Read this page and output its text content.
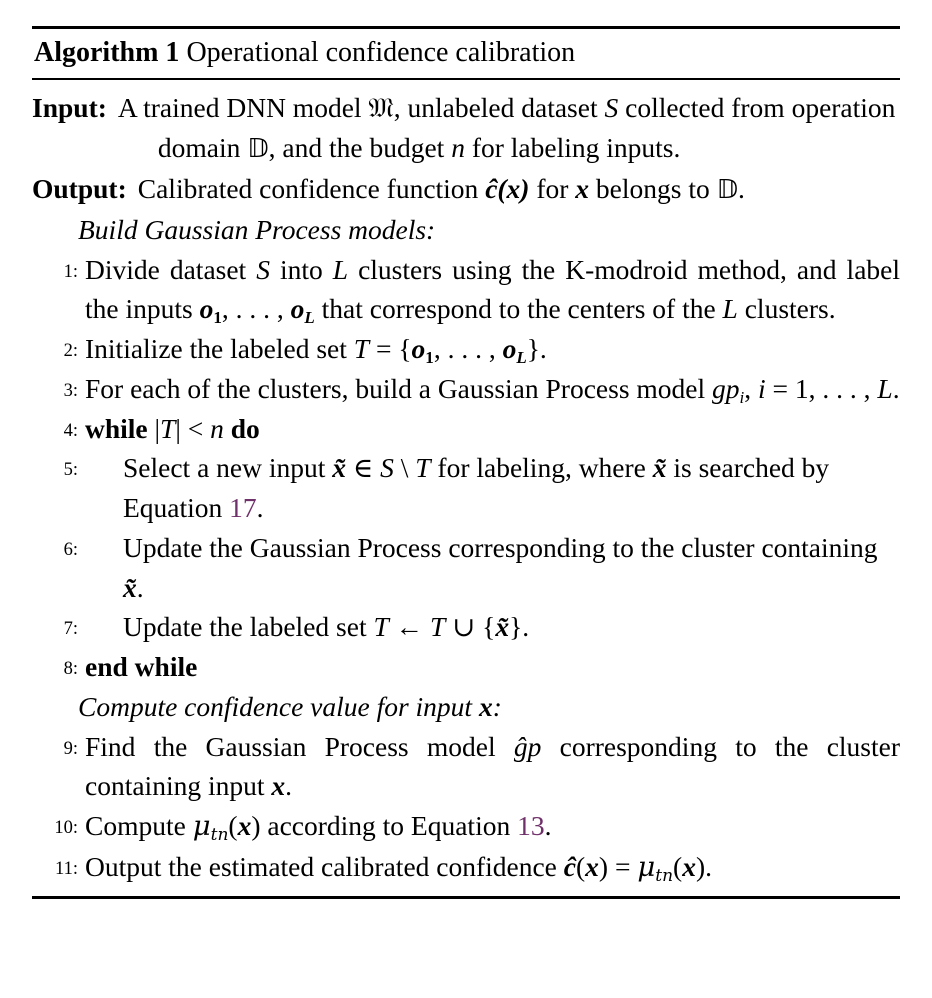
Algorithm 1 Operational confidence calibration
Input: A trained DNN model 𝔐, unlabeled dataset S collected from operation domain 𝔻, and the budget n for labeling inputs.
Output: Calibrated confidence function ĉ(x) for x belongs to 𝔻.
Build Gaussian Process models:
1: Divide dataset S into L clusters using the K-modroid method, and label the inputs $o_1$, . . . , $o_L$ that correspond to the centers of the L clusters.
2: Initialize the labeled set $T = \{o_1$, . . . , $o_L$}.
3: For each of the clusters, build a Gaussian Process model $gp_i$, i = 1, . . . , L.
4: while |T| < n do
5:	Select a new input x̃ ∈ S \ T for labeling, where x̃ is searched by Equation 17.
6:	Update the Gaussian Process corresponding to the cluster containing x̃.
7:	Update the labeled set T ← T ∪ {x̃}.
8: end while
Compute confidence value for input x:
9: Find the Gaussian Process model ĝp corresponding to the cluster containing input x.
10: Compute $\mu_{tn}(x)$ according to Equation 13.
11: Output the estimated calibrated confidence ĉ(x) = $\mu_{tn}(x)$.
